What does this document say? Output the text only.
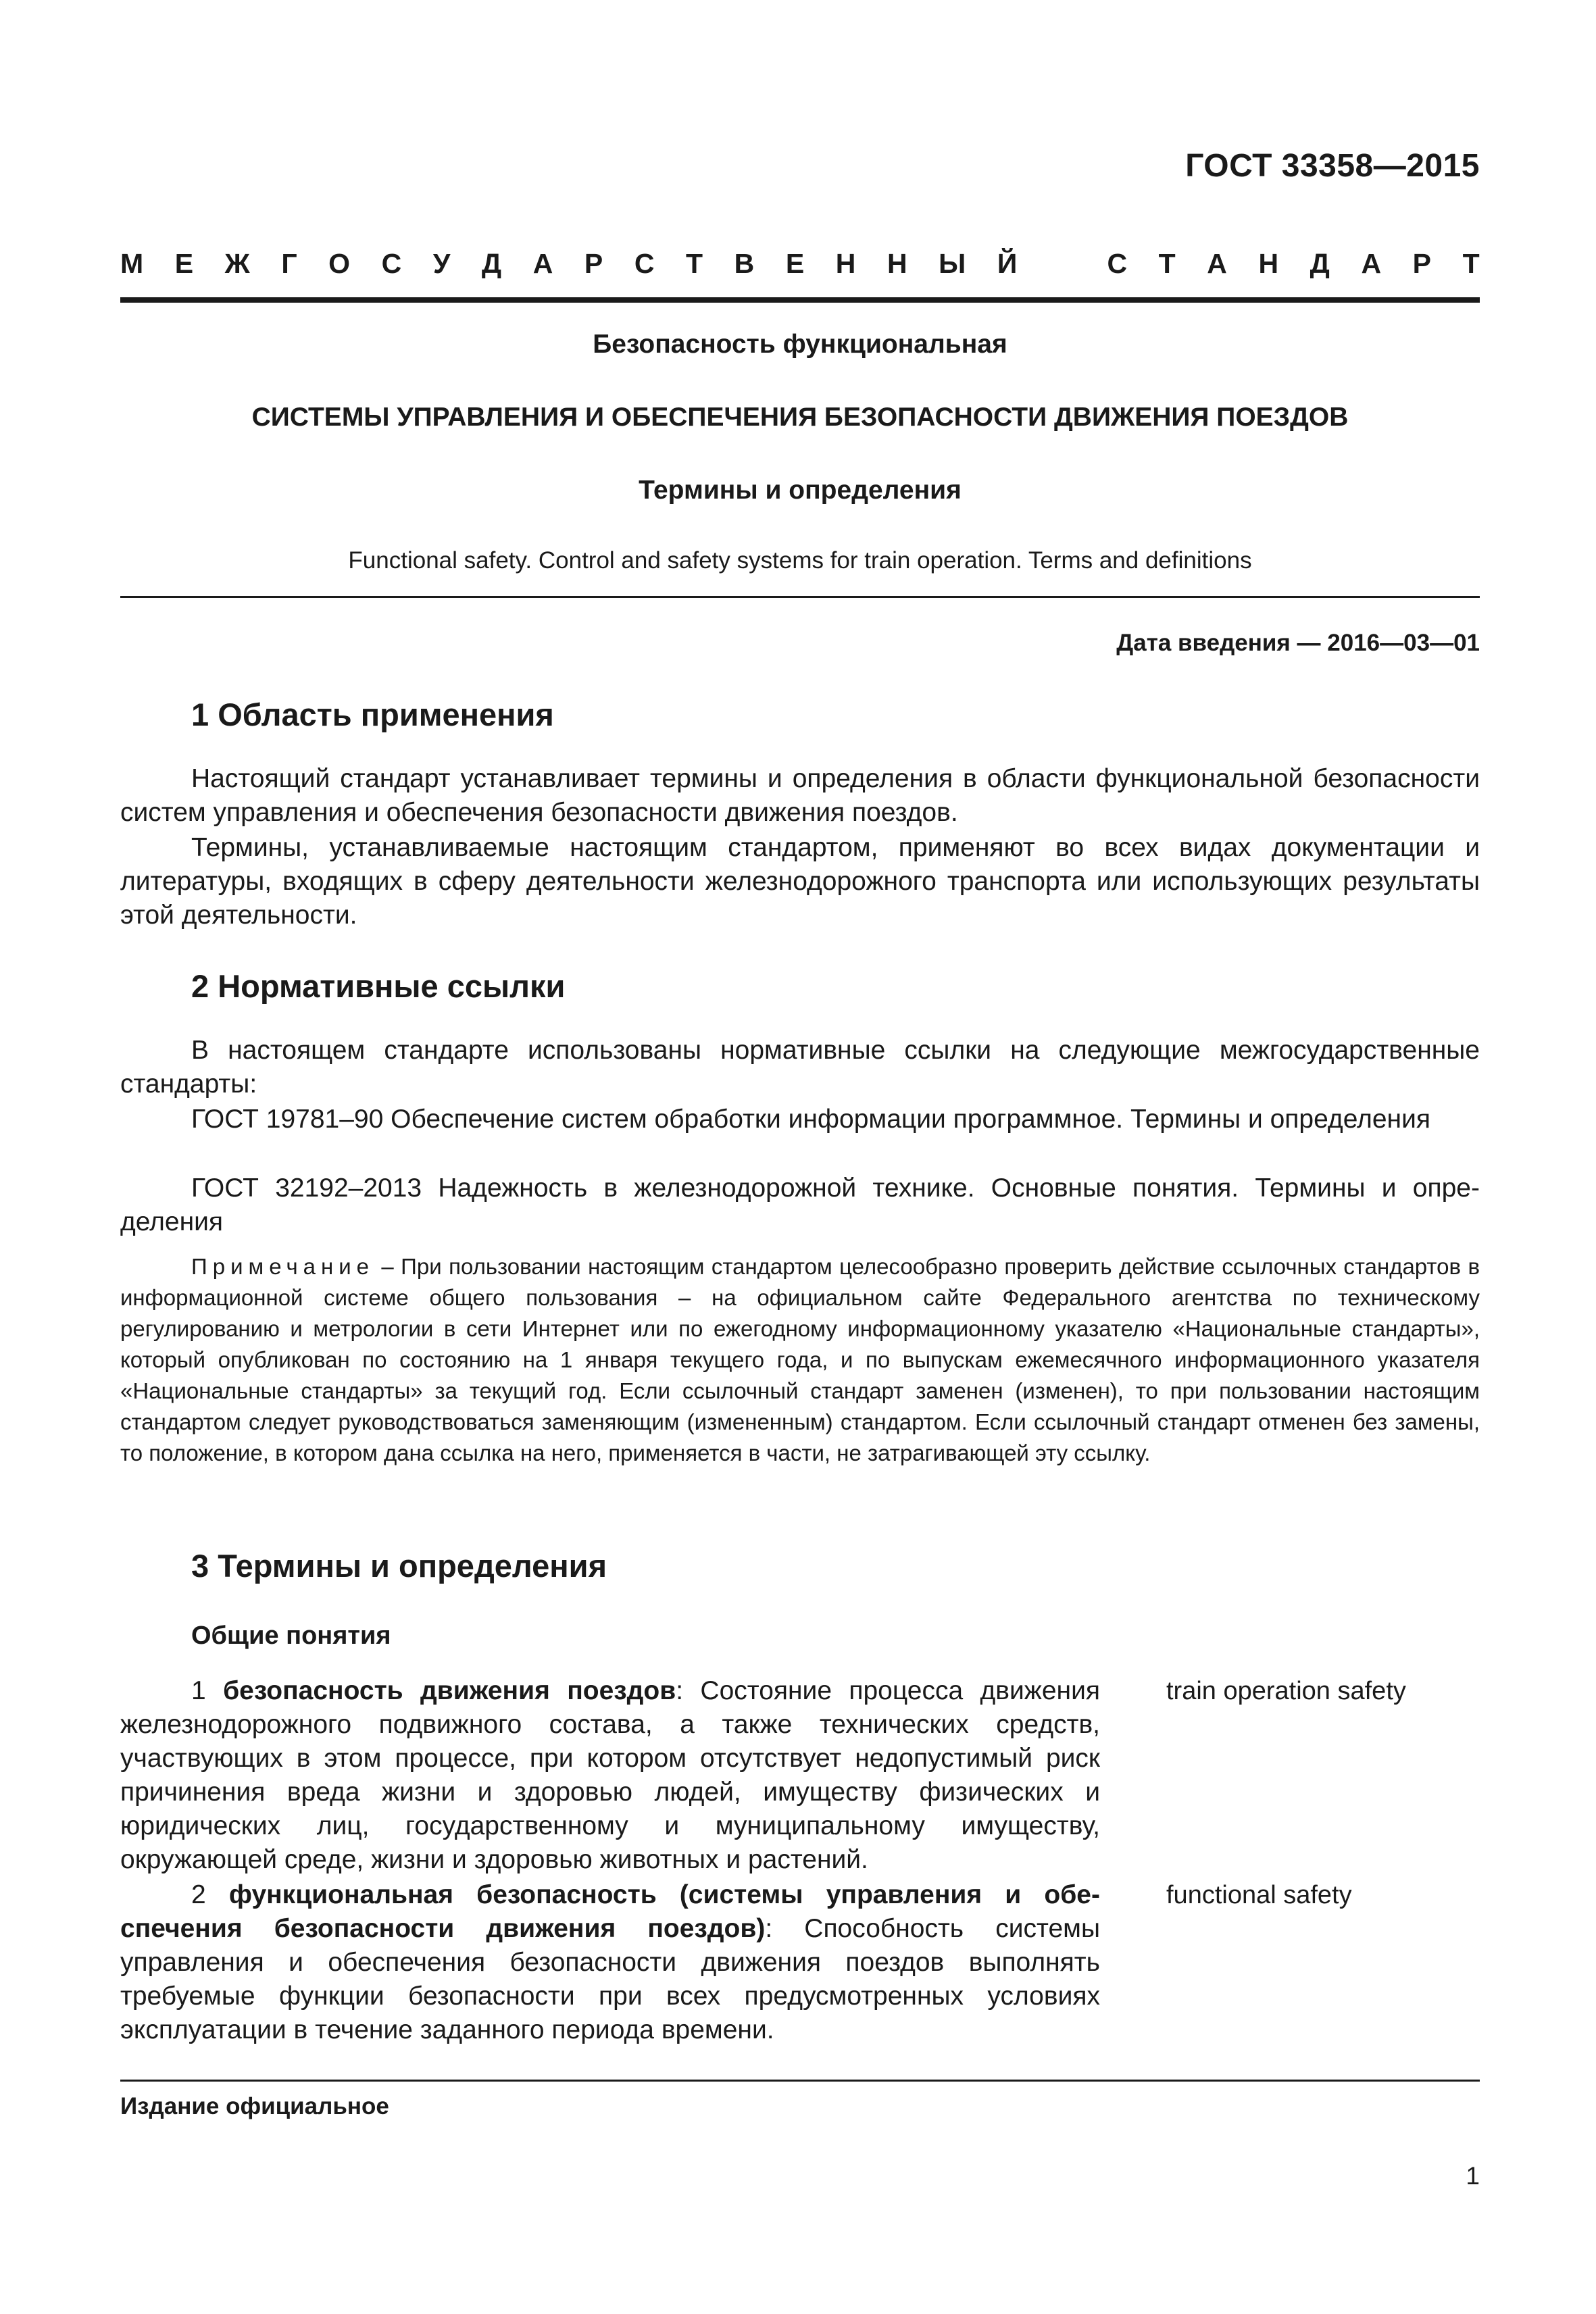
ГОСТ 33358—2015
М Е Ж Г О С У Д А Р С Т В Е Н Н Ы Й	С Т А Н Д А Р Т
Безопасность функциональная
СИСТЕМЫ УПРАВЛЕНИЯ И ОБЕСПЕЧЕНИЯ БЕЗОПАСНОСТИ ДВИЖЕНИЯ ПОЕЗДОВ
Термины и определения
Functional safety. Control and safety systems for train operation. Terms and definitions
Дата введения — 2016—03—01
1 Область применения

Настоящий стандарт устанавливает термины и определения в области функциональной безопасности систем управления и обеспечения безопасности движения поездов.

Термины, устанавливаемые настоящим стандартом, применяют во всех видах документации и литературы, входящих в сферу деятельности железнодорожного транспорта или использующих результаты этой деятельности.

2 Нормативные ссылки

В настоящем стандарте использованы нормативные ссылки на следующие межгосударственные стандарты:

ГОСТ 19781–90 Обеспечение систем обработки информации программное. Термины и определения

ГОСТ 32192–2013 Надежность в железнодорожной технике. Основные понятия. Термины и определения

Примечание – При пользовании настоящим стандартом целесообразно проверить действие ссылочных стандартов в информационной системе общего пользования – на официальном сайте Федерального агентства по техническому регулированию и метрологии в сети Интернет или по ежегодному информационному указателю «Национальные стандарты», который опубликован по состоянию на 1 января текущего года, и по выпускам ежемесячного информационного указателя «Национальные стандарты» за текущий год. Если ссылочный стандарт заменен (изменен), то при пользовании настоящим стандартом следует руководствоваться заменяющим (измененным) стандартом. Если ссылочный стандарт отменен без замены, то положение, в котором дана ссылка на него, применяется в части, не затрагивающей эту ссылку.

3 Термины и определения
Общие понятия

1 безопасность движения поездов: Состояние процесса движения железнодорожного подвижного состава, а также технических средств, участвующих в этом процессе, при котором отсутствует недопустимый риск причинения вреда жизни и здоровью людей, имуществу физических и юридических лиц, государственному и муниципальному имуществу, окружающей среде, жизни и здоровью животных и растений.

train operation safety

2 функциональная безопасность (системы управления и обеспечения безопасности движения поездов): Способность системы управления и обеспечения безопасности движения поездов выполнять требуемые функции безопасности при всех предусмотренных условиях эксплуатации в течение заданного периода времени.

functional safety
Издание официальное
1
